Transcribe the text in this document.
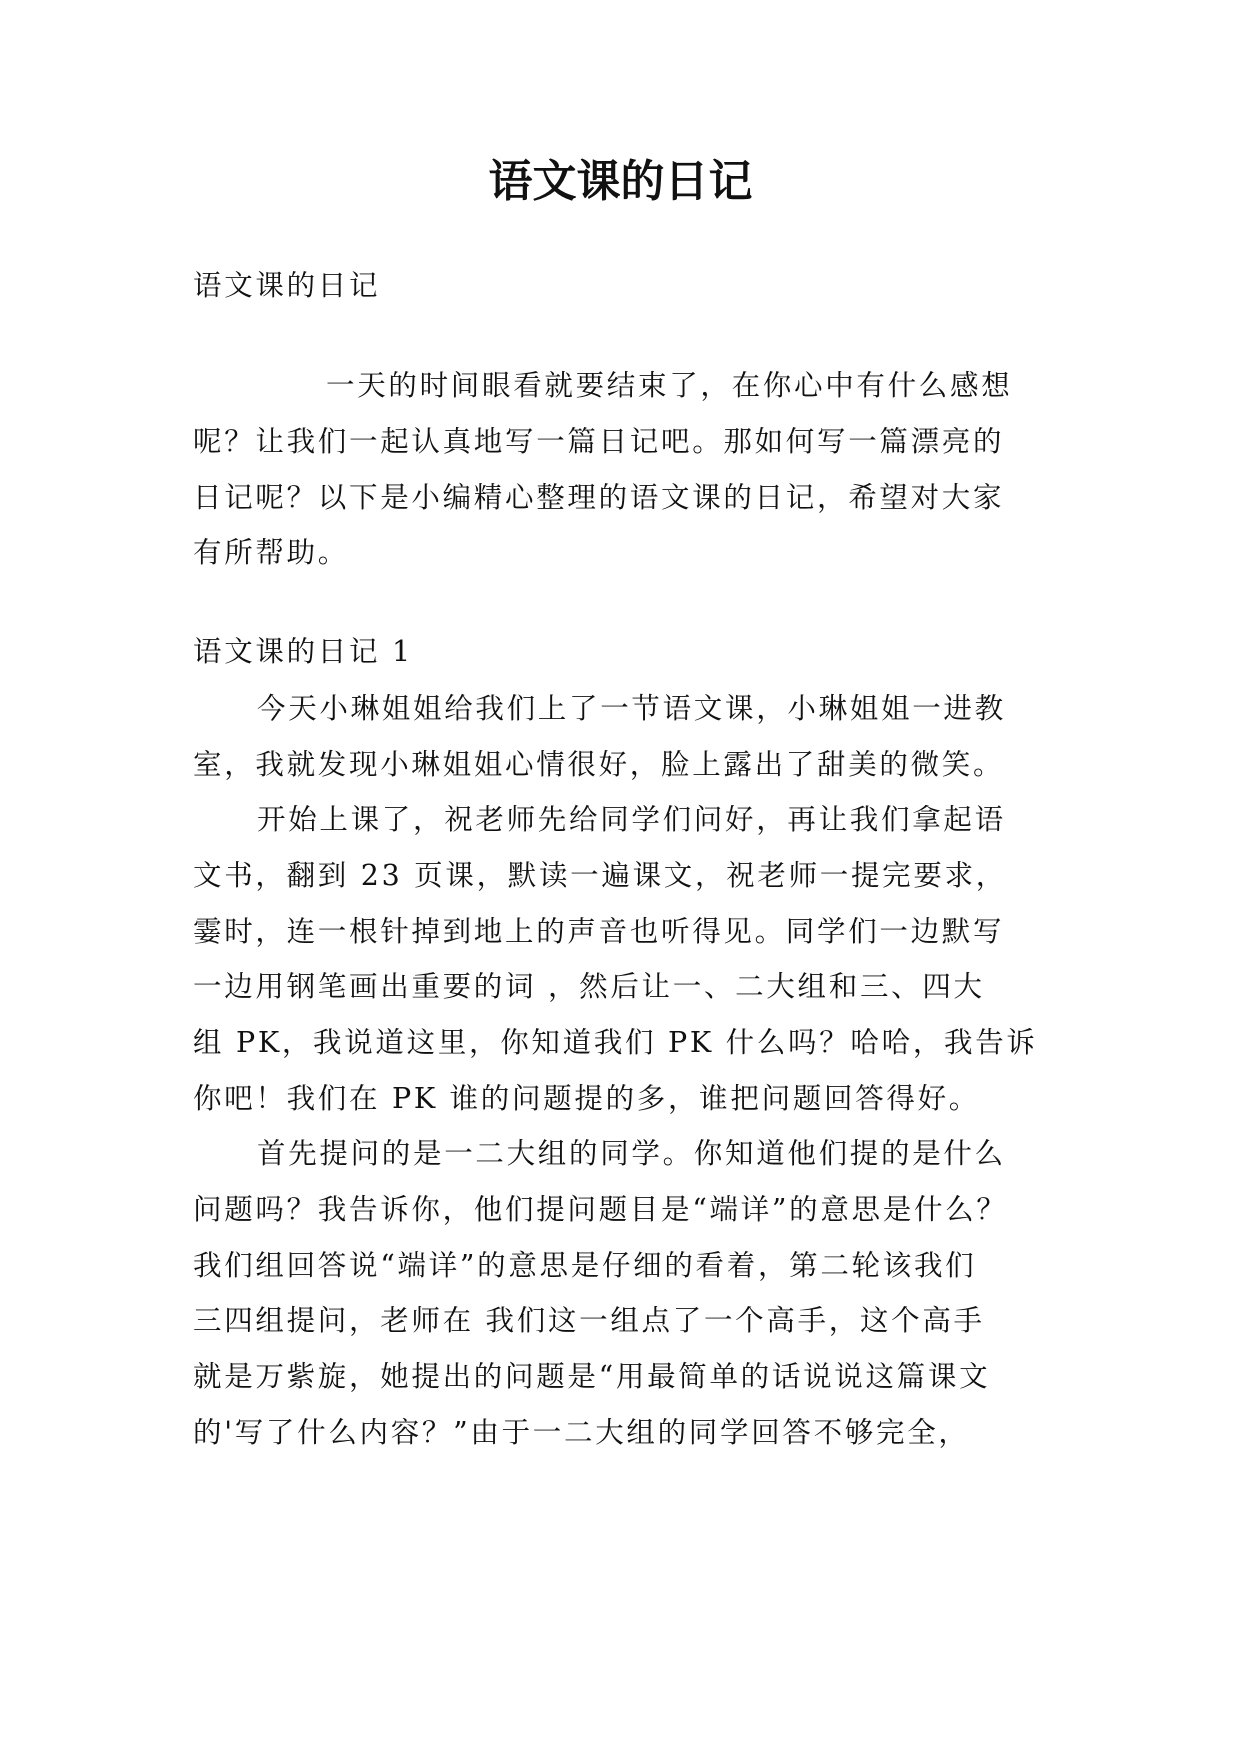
语文课的日记
语文课的日记
一天的时间眼看就要结束了，在你心中有什么感想
呢？让我们一起认真地写一篇日记吧。那如何写一篇漂亮的
日记呢？以下是小编精心整理的语文课的日记，希望对大家
有所帮助。
语文课的日记 1
今天小琳姐姐给我们上了一节语文课，小琳姐姐一进教
室，我就发现小琳姐姐心情很好，脸上露出了甜美的微笑。
开始上课了，祝老师先给同学们问好，再让我们拿起语
文书，翻到 23 页课，默读一遍课文，祝老师一提完要求，
霎时，连一根针掉到地上的声音也听得见。同学们一边默写
一边用钢笔画出重要的词 ，然后让一、二大组和三、四大
组 PK，我说道这里，你知道我们 PK 什么吗？哈哈，我告诉
你吧！我们在 PK 谁的问题提的多，谁把问题回答得好。
首先提问的是一二大组的同学。你知道他们提的是什么
问题吗？我告诉你，他们提问题目是“端详”的意思是什么？
我们组回答说“端详”的意思是仔细的看着，第二轮该我们
三四组提问，老师在 我们这一组点了一个高手，这个高手
就是万紫旋，她提出的问题是“用最简单的话说说这篇课文
的'写了什么内容？”由于一二大组的同学回答不够完全，
